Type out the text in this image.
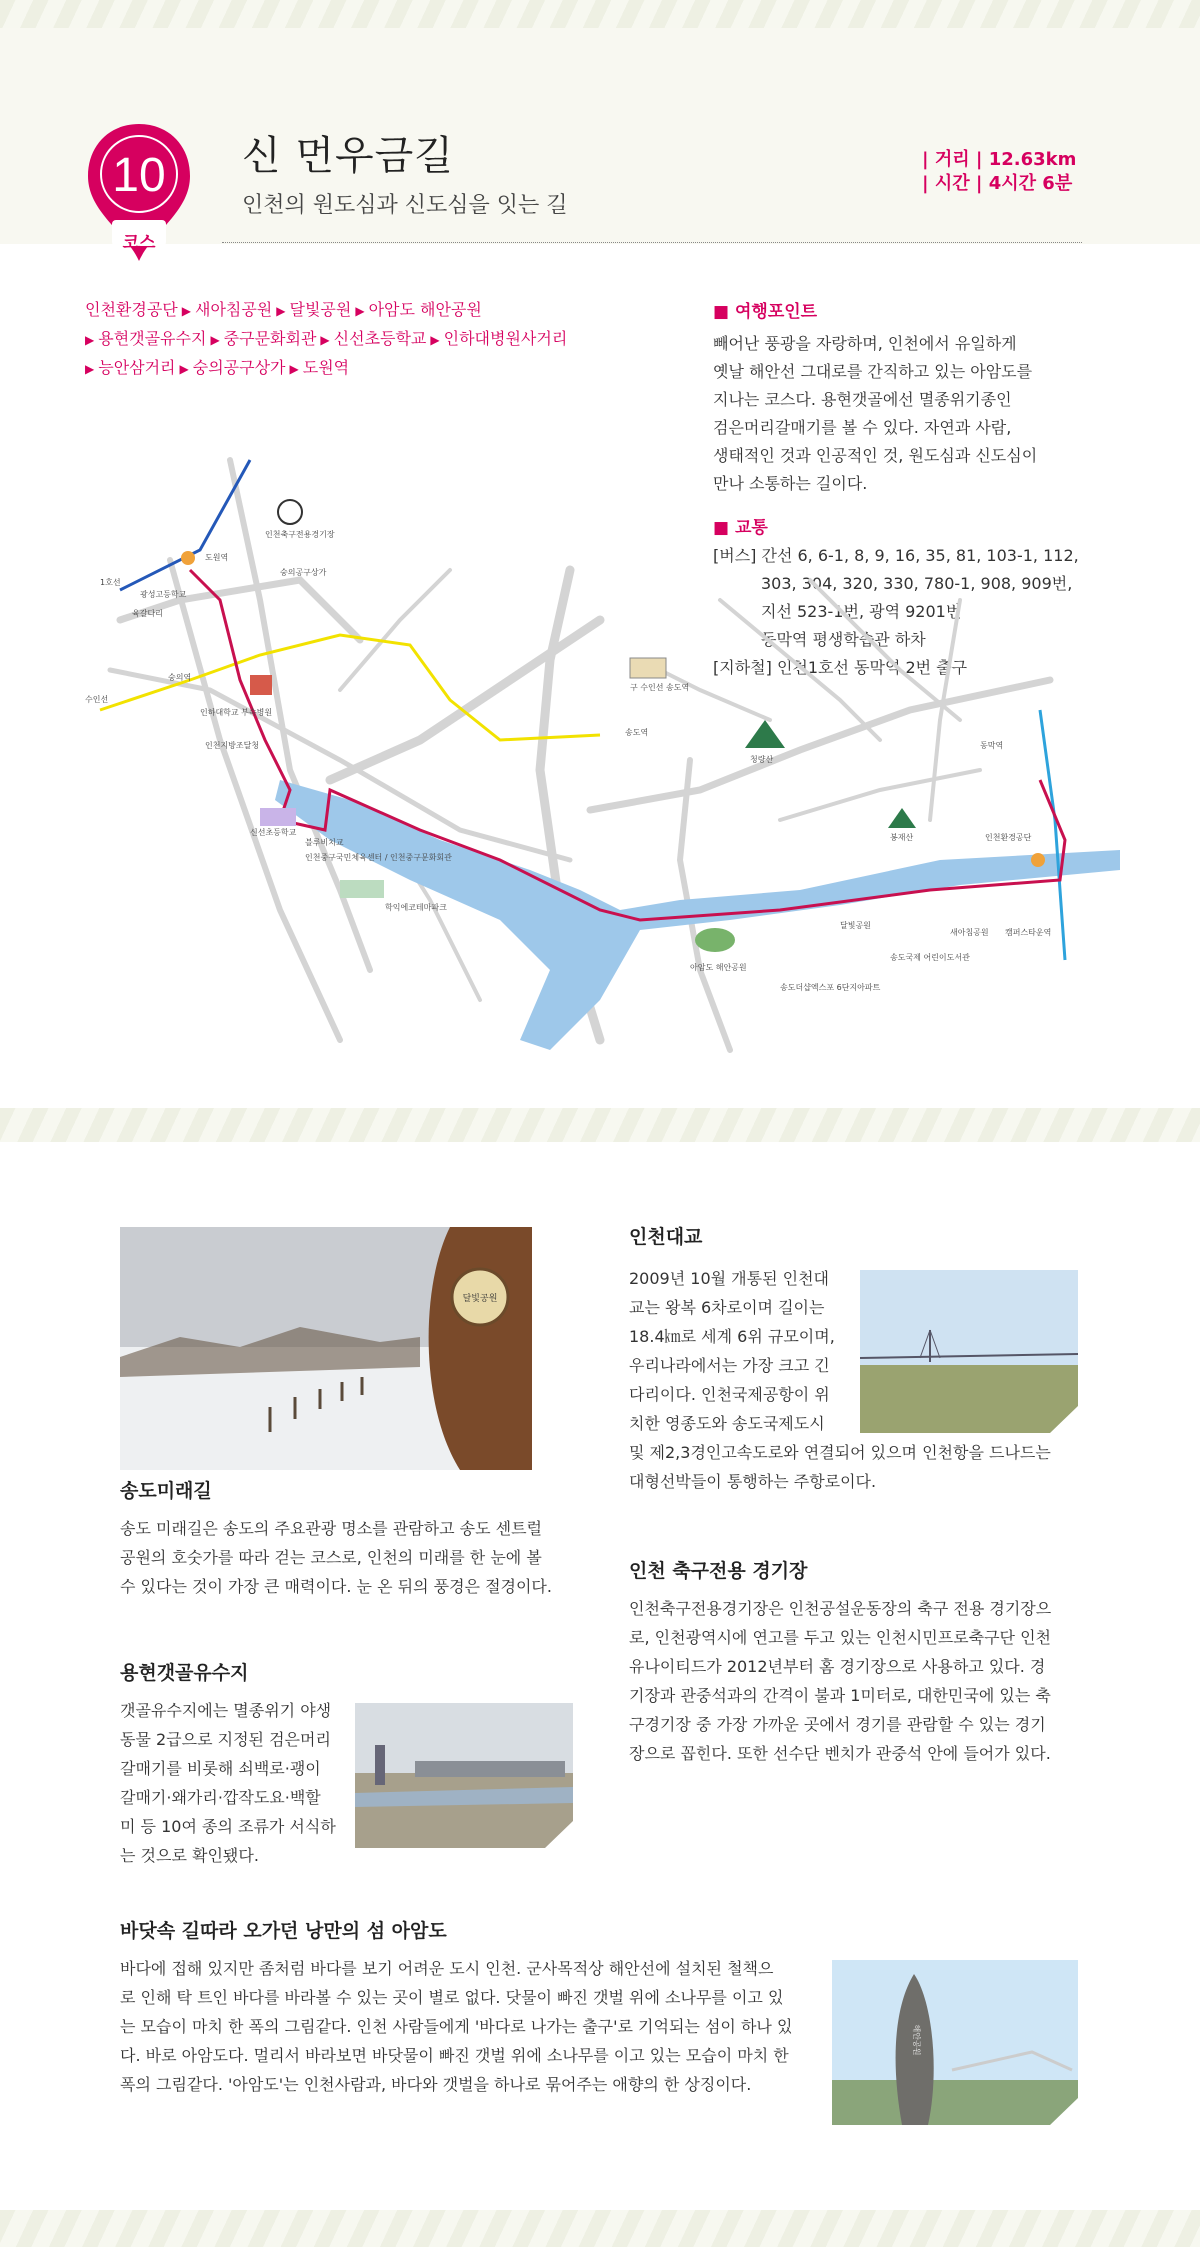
10
코스
신 먼우금길
인천의 원도심과 신도심을 잇는 길
| 거리 | 12.63km
| 시간 | 4시간 6분
인천환경공단 ▶ 새아침공원 ▶ 달빛공원 ▶ 아암도 해안공원
▶ 용현갯골유수지 ▶ 중구문화회관 ▶ 신선초등학교 ▶ 인하대병원사거리
▶ 능안삼거리 ▶ 숭의공구상가 ▶ 도원역
■ 여행포인트
빼어난 풍광을 자랑하며, 인천에서 유일하게
옛날 해안선 그대로를 간직하고 있는 아암도를
지나는 코스다. 용현갯골에선 멸종위기종인
검은머리갈매기를 볼 수 있다. 자연과 사람,
생태적인 것과 인공적인 것, 원도심과 신도심이
만나 소통하는 길이다.
■ 교통
[버스] 간선 6, 6-1, 8, 9, 16, 35, 81, 103-1, 112,
303, 304, 320, 330, 780-1, 908, 909번,
지선 523-1번, 광역 9201번
동막역 평생학습관 하차
[지하철] 인천1호선 동막역 2번 출구
인천축구전용경기장
도원역
숭의공구상가
1호선
광성고등학교
육갈다리
숭의역
인하대학교 부속병원
인천지방조달청
수인선
구 수인선 송도역
송도역
청량산
동막역
봉재산	인천환경공단
신선초등학교
블루비치교
인천중구국민체육센터 / 인천중구문화회관
학익에코테마파크
아암도 해안공원
달빛공원
새아침공원 캠퍼스타운역
송도국제 어린이도서관
송도더샵엑스포 6단지아파트
달빛공원
송도미래길
송도 미래길은 송도의 주요관광 명소를 관람하고 송도 센트럴
공원의 호숫가를 따라 걷는 코스로, 인천의 미래를 한 눈에 볼
수 있다는 것이 가장 큰 매력이다. 눈 온 뒤의 풍경은 절경이다.
용현갯골유수지
갯골유수지에는 멸종위기 야생
동물 2급으로 지정된 검은머리
갈매기를 비롯해 쇠백로·괭이
갈매기·왜가리·깝작도요·백할
미 등 10여 종의 조류가 서식하
는 것으로 확인됐다.
인천대교
2009년 10월 개통된 인천대
교는 왕복 6차로이며 길이는
18.4㎞로 세계 6위 규모이며,
우리나라에서는 가장 크고 긴
다리이다. 인천국제공항이 위
치한 영종도와 송도국제도시
및 제2,3경인고속도로와 연결되어 있으며 인천항을 드나드는
대형선박들이 통행하는 주항로이다.
인천 축구전용 경기장
인천축구전용경기장은 인천공설운동장의 축구 전용 경기장으
로, 인천광역시에 연고를 두고 있는 인천시민프로축구단 인천
유나이티드가 2012년부터 홈 경기장으로 사용하고 있다. 경
기장과 관중석과의 간격이 불과 1미터로, 대한민국에 있는 축
구경기장 중 가장 가까운 곳에서 경기를 관람할 수 있는 경기
장으로 꼽힌다. 또한 선수단 벤치가 관중석 안에 들어가 있다.
바닷속 길따라 오가던 낭만의 섬 아암도
바다에 접해 있지만 좀처럼 바다를 보기 어려운 도시 인천. 군사목적상 해안선에 설치된 철책으
로 인해 탁 트인 바다를 바라볼 수 있는 곳이 별로 없다. 닷물이 빠진 갯벌 위에 소나무를 이고 있
는 모습이 마치 한 폭의 그림같다. 인천 사람들에게 '바다로 나가는 출구'로 기억되는 섬이 하나 있
다. 바로 아암도다. 멀리서 바라보면 바닷물이 빠진 갯벌 위에 소나무를 이고 있는 모습이 마치 한
폭의 그림같다. '아암도'는 인천사람과, 바다와 갯벌을 하나로 묶어주는 애향의 한 상징이다.
해안공원
